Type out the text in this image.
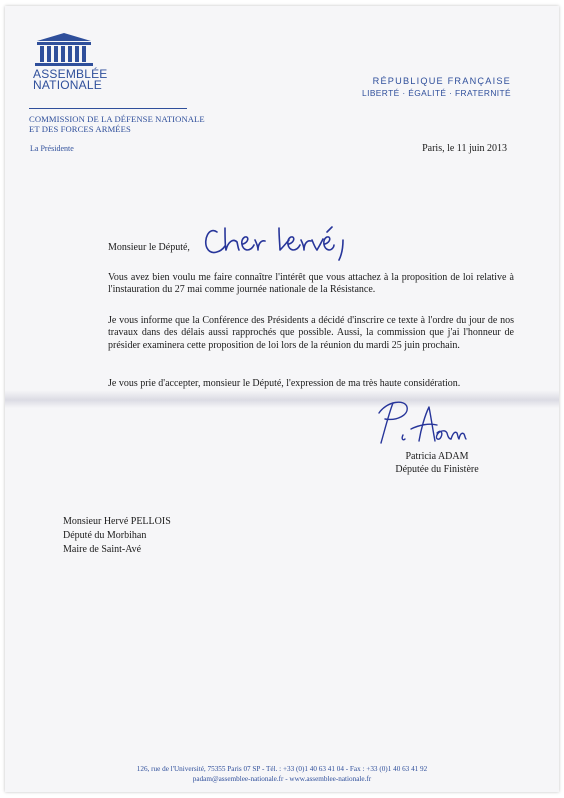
ASSEMBLÉE
NATIONALE
COMMISSION DE LA DÉFENSE NATIONALE
ET DES FORCES ARMÉES
La Présidente
RÉPUBLIQUE FRANÇAISE
LIBERTÉ · ÉGALITÉ · FRATERNITÉ
Paris, le 11 juin 2013
Monsieur le Député,
Vous avez bien voulu me faire connaître l'intérêt que vous attachez à la proposition de loi relative à l'instauration du 27 mai comme journée nationale de la Résistance.
Je vous informe que la Conférence des Présidents a décidé d'inscrire ce texte à l'ordre du jour de nos travaux dans des délais aussi rapprochés que possible. Aussi, la commission que j'ai l'honneur de présider examinera cette proposition de loi lors de la réunion du mardi 25 juin prochain.
Je vous prie d'accepter, monsieur le Député, l'expression de ma très haute considération.
Patricia ADAM
Députée du Finistère
Monsieur Hervé PELLOIS
Député du Morbihan
Maire de Saint-Avé
126, rue de l'Université, 75355 Paris 07 SP - Tél. : +33 (0)1 40 63 41 04 - Fax : +33 (0)1 40 63 41 92
padam@assemblee-nationale.fr - www.assemblee-nationale.fr
